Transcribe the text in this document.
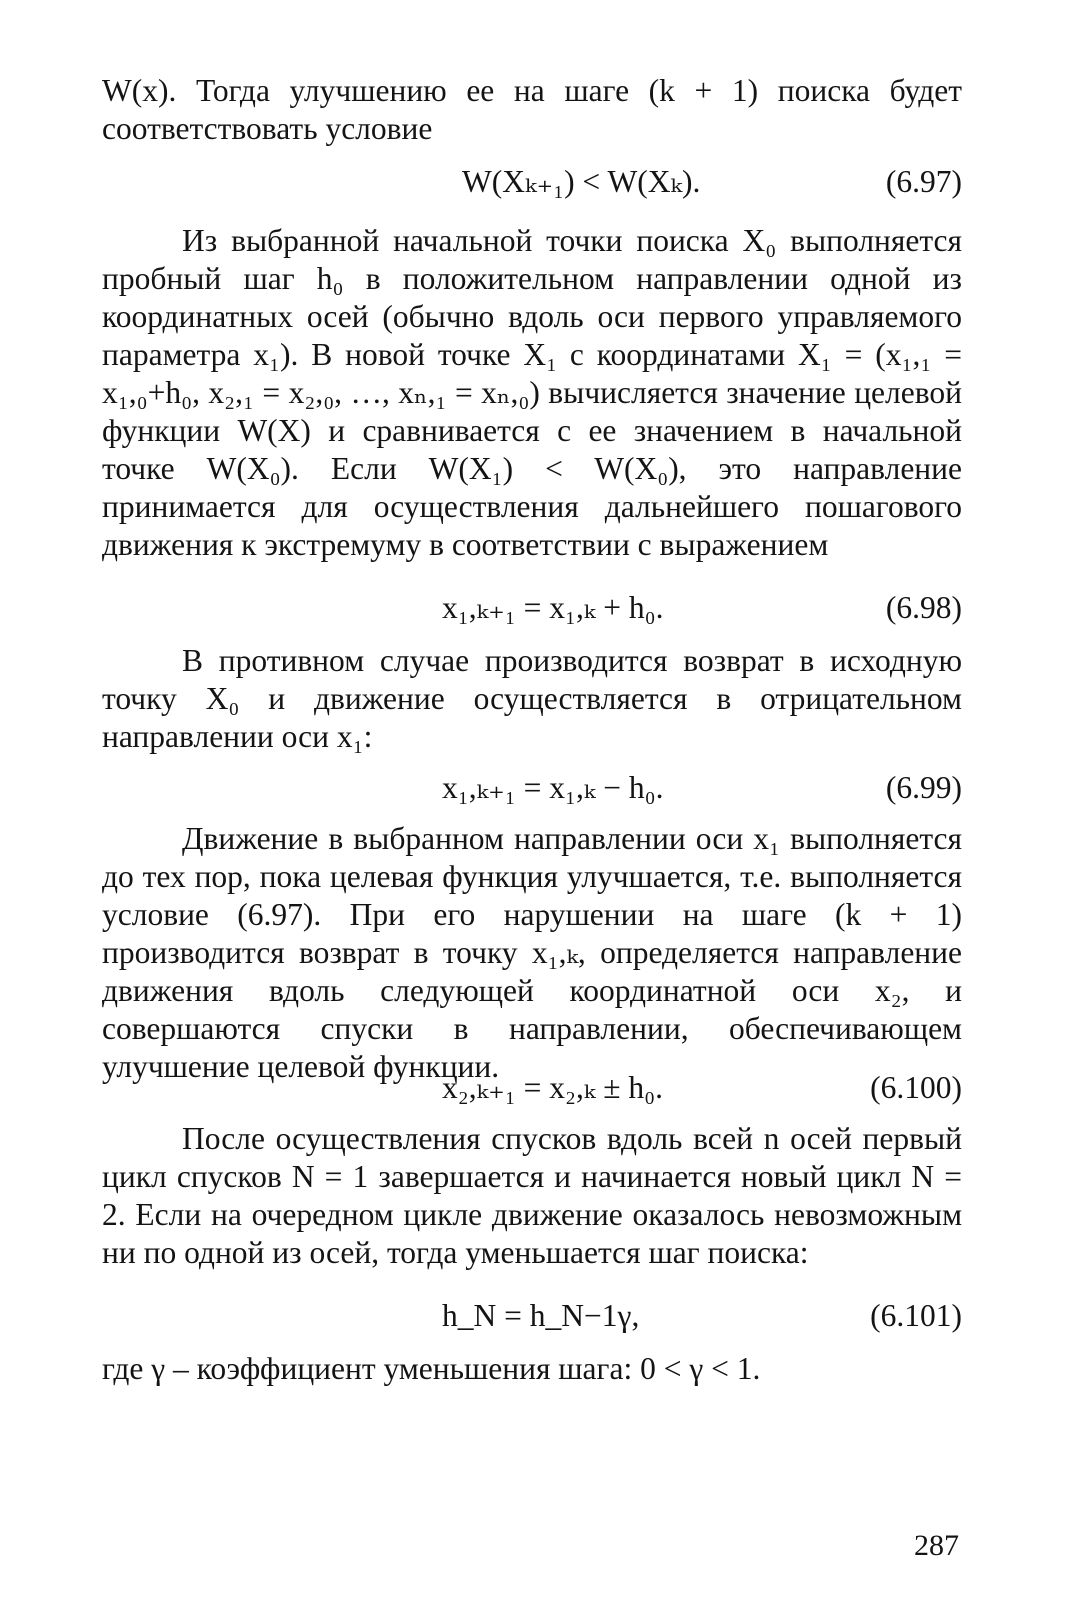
W(x). Тогда улучшению ее на шаге (k + 1) поиска будет соответствовать условие

W(Xₖ₊₁) < W(Xₖ).	(6.97)

Из выбранной начальной точки поиска X₀ выполняется пробный шаг h₀ в положительном направлении одной из координатных осей (обычно вдоль оси первого управляемого параметра x₁). В новой точке X₁ с координатами X₁ = (x₁,₁ = x₁,₀+h₀, x₂,₁ = x₂,₀, …, xₙ,₁ = xₙ,₀) вычисляется значение целевой функции W(X) и сравнивается с ее значением в начальной точке W(X₀). Если W(X₁) < W(X₀), это направление принимается для осуществления дальнейшего пошагового движения к экстремуму в соответствии с выражением

x₁,ₖ₊₁ = x₁,ₖ + h₀.	(6.98)

В противном случае производится возврат в исходную точку X₀ и движение осуществляется в отрицательном направлении оси x₁:

x₁,ₖ₊₁ = x₁,ₖ − h₀.	(6.99)

Движение в выбранном направлении оси x₁ выполняется до тех пор, пока целевая функция улучшается, т.е. выполняется условие (6.97). При его нарушении на шаге (k + 1) производится возврат в точку x₁,ₖ, определяется направление движения вдоль следующей координатной оси x₂, и совершаются спуски в направлении, обеспечивающем улучшение целевой функции.

x₂,ₖ₊₁ = x₂,ₖ ± h₀.	(6.100)

После осуществления спусков вдоль всей n осей первый цикл спусков N = 1 завершается и начинается новый цикл N = 2. Если на очередном цикле движение оказалось невозможным ни по одной из осей, тогда уменьшается шаг поиска:

h_N = h_N−1γ,	(6.101)

где γ – коэффициент уменьшения шага: 0 < γ < 1.

287
